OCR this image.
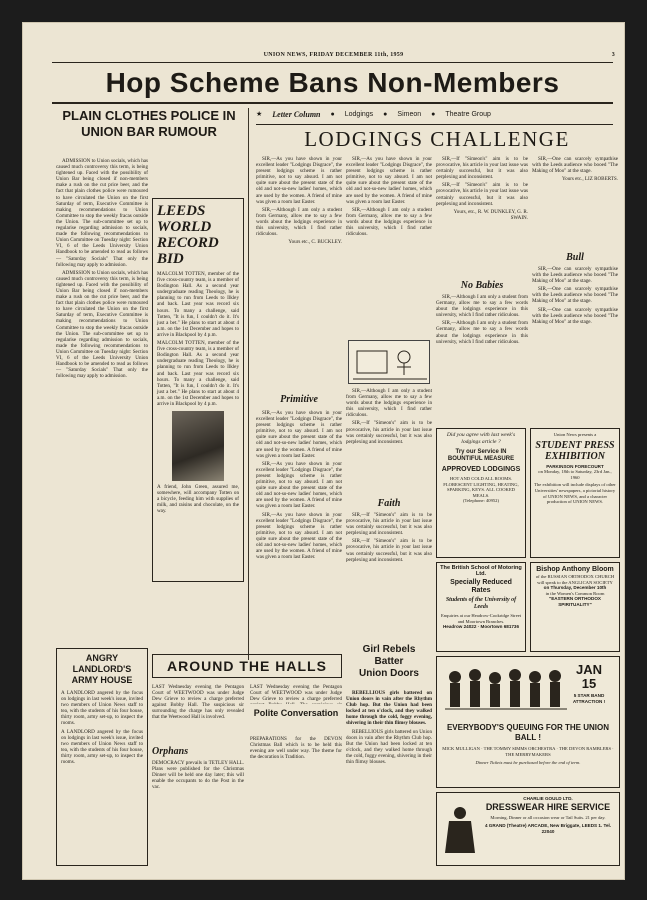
UNION NEWS, FRIDAY DECEMBER 11th, 1959	3
Hop Scheme Bans Non-Members
PLAIN CLOTHES POLICE IN UNION BAR RUMOUR

ADMISSION to Union socials, which has caused much controversy this term, is being tightened up. Faced with the possibility of Union Bar being closed if non-members make a rush on the cut price beer, and the fact that plain clothes police were rumoured to have circulated the Union on the first Saturday of term, Executive Committee is making recommendations to Union Committee to stop the weekly fracas outside the Union. The sub-committee set up to regularise regarding admission to socials, made the following recommendations to Union Committee on Tuesday night: Section VI, 6 of the Leeds University Union Handbook to be amended to read as follows — "Saturday Socials" That only the following may apply to admission.

ADMISSION to Union socials, which has caused much controversy this term, is being tightened up. Faced with the possibility of Union Bar being closed if non-members make a rush on the cut price beer, and the fact that plain clothes police were rumoured to have circulated the Union on the first Saturday of term, Executive Committee is making recommendations to Union Committee to stop the weekly fracas outside the Union. The sub-committee set up to regularise regarding admission to socials, made the following recommendations to Union Committee on Tuesday night: Section VI, 6 of the Leeds University Union Handbook to be amended to read as follows — "Saturday Socials" That only the following may apply to admission.

LEEDS
WORLD
RECORD
BID
MALCOLM TOTTEN, member of the five cross-country team, is a member of Bodington Hall. As a second year undergraduate reading Theology, he is planning to run from Leeds to Ilkley and back. Last year was record six hours. To many a challenge, said Totten, "It is fun, I couldn't do it. It's just a bet." He plans to start at about 4 a.m. on the 1st December and hopes to arrive in Blackpool by 4 p.m.
MALCOLM TOTTEN, member of the five cross-country team, is a member of Bodington Hall. As a second year undergraduate reading Theology, he is planning to run from Leeds to Ilkley and back. Last year was record six hours. To many a challenge, said Totten, "It is fun, I couldn't do it. It's just a bet." He plans to start at about 4 a.m. on the 1st December and hopes to arrive in Blackpool by 4 p.m.
A friend, John Green, assured me, somewhere, will accompany Totten on a bicycle, feeding him with supplies of milk, and raisins and chocolate, on the way.
ANGRY LANDLORD'S
ARMY HOUSE
A LANDLORD angered by the focus on lodgings in last week's issue, invited two members of Union News staff to tea, with the students of his four house, thirty room, army set-up, to inspect the rooms.
A LANDLORD angered by the focus on lodgings in last week's issue, invited two members of Union News staff to tea, with the students of his four house, thirty room, army set-up, to inspect the rooms.
AROUND THE HALLS
LAST Wednesday evening the Pentagon Court of WEETWOOD was under Judge Dew Grieve to review a charge preferred against Bobby Hall. The suspicious sir surrounding the charge has only revealed that the Weetwood Hall is involved.
Orphans
DEMOCRACY prevails in TETLEY HALL. Plans were published for the Christmas Dinner will be held one day later; this will enable the occupants to do the Post in the vac.
LAST Wednesday evening the Pentagon Court of WEETWOOD was under Judge Dew Grieve to review a charge preferred
Polite Conversation
PREPARATIONS for the DEVON Christmas Ball which is to be held this evening are well under way. The theme for the decoration is Tradition.
★ Letter Column ● Lodgings ● Simeon ● Theatre Group
LODGINGS CHALLENGE

SIR,—As you have shown in your excellent leader "Lodgings Disgrace", the present lodgings scheme is rather primitive, not to say absurd. I am not quite sure about the present state of the old and not-so-new ladies' homes, which are used by the women. A friend of mine was given a room last Easter.

SIR,—Although I am only a student from Germany, allow me to say a few words about the lodgings experience in this university, which I find rather ridiculous.

Yours etc., C. BUCKLEY.

Primitive

SIR,—As you have shown in your excellent leader "Lodgings Disgrace", the present lodgings scheme is rather primitive, not to say absurd. I am not quite sure about the present state of the old and not-so-new ladies' homes, which are used by the women. A friend of mine was given a room last Easter.

SIR,—As you have shown in your excellent leader "Lodgings Disgrace", the present lodgings scheme is rather primitive, not to say absurd. I am not quite sure about the present state of the old and not-so-new ladies' homes, which are used by the women. A friend of mine was given a room last Easter.

SIR,—As you have shown in your excellent leader "Lodgings Disgrace", the present lodgings scheme is rather primitive, not to say absurd. I am not quite sure about the present state of the old and not-so-new ladies' homes, which are used by the women. A friend of mine was given a room last Easter.

SIR,—As you have shown in your excellent leader "Lodgings Disgrace", the present lodgings scheme is rather primitive, not to say absurd. I am not quite sure about the present state of the old and not-so-new ladies' homes, which are used by the women. A friend of mine was given a room last Easter.

SIR,—Although I am only a student from Germany, allow me to say a few words about the lodgings experience in this university, which I find rather ridiculous.

SIR,—Although I am only a student from Germany, allow me to say a few words about the lodgings experience in this university, which I find rather ridiculous.

SIR,—If "Simeon's" aim is to be provocative, his article in your last issue was certainly successful, but it was also perplexing and inconsistent.

Faith

SIR,—If "Simeon's" aim is to be provocative, his article in your last issue was certainly successful, but it was also perplexing and inconsistent.

SIR,—If "Simeon's" aim is to be provocative, his article in your last issue was certainly successful, but it was also perplexing and inconsistent.

SIR,—If "Simeon's" aim is to be provocative, his article in your last issue was certainly successful, but it was also perplexing and inconsistent.

SIR,—If "Simeon's" aim is to be provocative, his article in your last issue was certainly successful, but it was also perplexing and inconsistent.

Yours, etc., R. W. DUNKLEY, G. R. SWAIN.

No Babies

SIR,—Although I am only a student from Germany, allow me to say a few words about the lodgings experience in this university, which I find rather ridiculous.

SIR,—Although I am only a student from Germany, allow me to say a few words about the lodgings experience in this university, which I find rather ridiculous.

SIR,—One can scarcely sympathise with the Leeds audience who booed "The Making of Moo" at the stage.

Yours etc., LIZ ROBERTS.

Bull

SIR,—One can scarcely sympathise with the Leeds audience who booed "The Making of Moo" at the stage.

SIR,—One can scarcely sympathise with the Leeds audience who booed "The Making of Moo" at the stage.

SIR,—One can scarcely sympathise with the Leeds audience who booed "The Making of Moo" at the stage.

Did you agree with last week's lodgings article ?
Try our Service IN BOUNTIFUL MEASURE
APPROVED LODGINGS
HOT AND COLD ALL ROOMS. FLORESCENT LIGHTING, HEATING, SPARKING, KEYS. ALL COOKED MEALS.
(Telephone: 40952)
Union News presents a
STUDENT PRESS EXHIBITION
PARKINSON FORECOURT
on Monday, 18th to Saturday, 23rd Jan., 1960
The exhibition will include displays of other Universities' newspapers, a pictorial history of UNION NEWS, and a character production of UNION NEWS.
The British School of Motoring Ltd.
Specially Reduced Rates
Students of the University of Leeds
Enquiries at our Headrow-Cookridge Street and Moortown Branches.
Headrow 24022 · Moortown 681736
Bishop Anthony Bloom
of the RUSSIAN ORTHODOX CHURCH
will speak to the ANGLICAN SOCIETY
on Thursday, December 10th
in the Women's Common Room
"EASTERN ORTHODOX SPIRITUALITY"
Girl Rebels
Batter
Union Doors

REBELLIOUS girls battered on Union doors in vain after the Rhythm Club hop. But the Union had been locked at ten o'clock, and they walked home through the cold, foggy evening, shivering in their thin flimsy blouses.

REBELLIOUS girls battered on Union doors in vain after the Rhythm Club hop. But the Union had been locked at ten o'clock, and they walked home through the cold, foggy evening, shivering in their thin flimsy blouses.

JAN
15
5 STAR BAND ATTRACTION !
EVERYBODY'S QUEUING FOR THE UNION BALL !
MICK MULLIGAN · THE TOMMY SIMMS ORCHESTRA · THE DEVON RAMBLERS · THE MERRYMAKERS
Dinner Tickets must be purchased before the end of term.
CHARLIE GOULD LTD.
DRESSWEAR HIRE SERVICE
Morning, Dinner or all occasion wear or Tail Suits. 21 per day.
4 GRAND (Theatre) ARCADE, New Briggate, LEEDS 1. Tel. 22040
